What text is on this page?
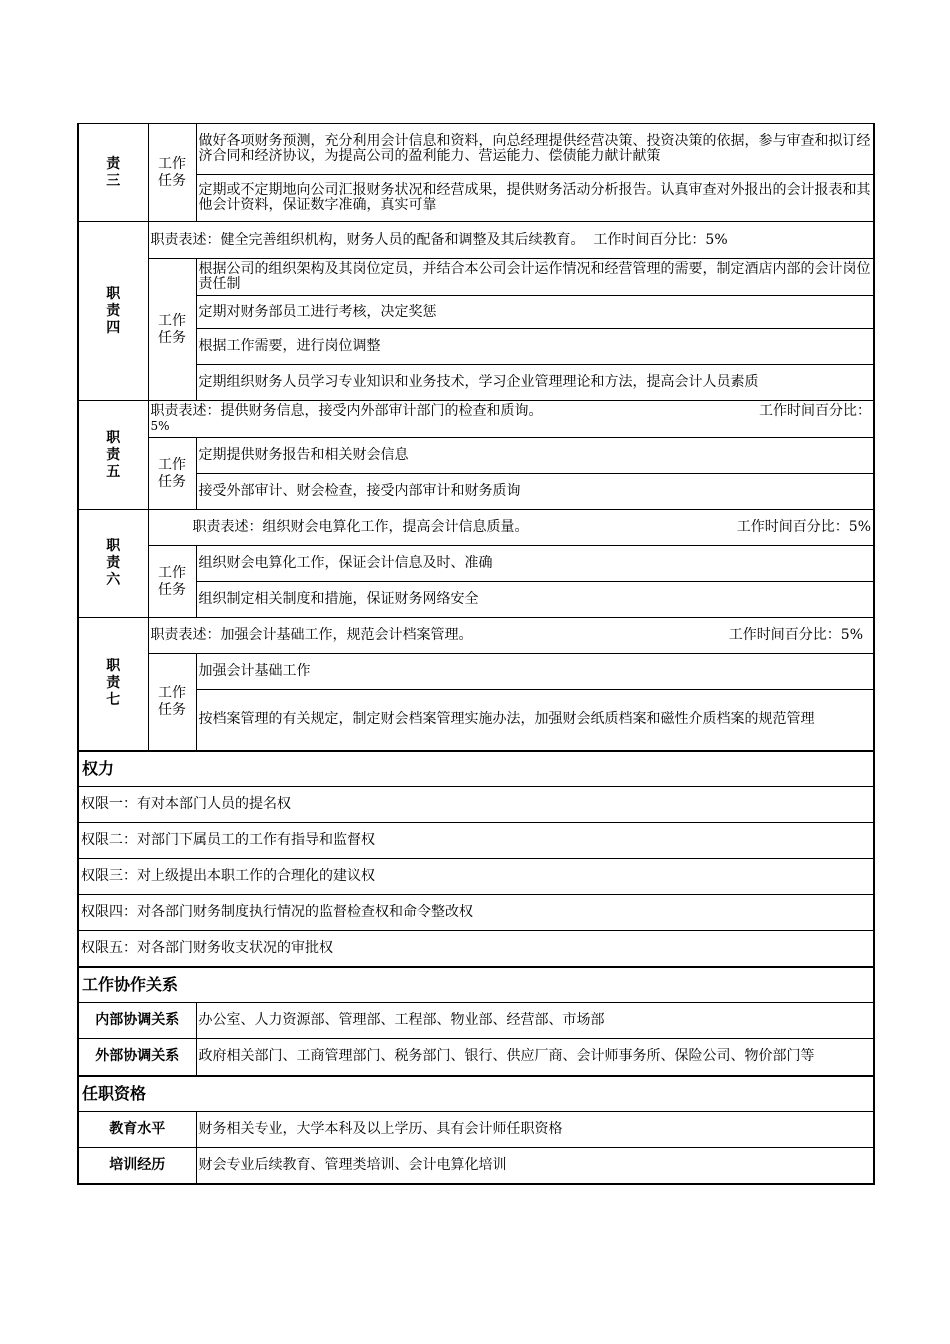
责三	工作任务	做好各项财务预测，充分利用会计信息和资料，向总经理提供经营决策、投资决策的依据，参与审查和拟订经济合同和经济协议，为提高公司的盈利能力、营运能力、偿债能力献计献策
		定期或不定期地向公司汇报财务状况和经营成果，提供财务活动分析报告。认真审查对外报出的会计报表和其他会计资料，保证数字准确，真实可靠

职责四	职责表述：健全完善组织机构，财务人员的配备和调整及其后续教育。 工作时间百分比：5%	

	工作任务	根据公司的组织架构及其岗位定员，并结合本公司会计运作情况和经营管理的需要，制定酒店内部的会计岗位责任制
		定期对财务部员工进行考核，决定奖惩
		根据工作需要，进行岗位调整
		定期组织财务人员学习专业知识和业务技术，学习企业管理理论和方法，提高会计人员素质

职责五	职责表述：提供财务信息，接受内外部审计部门的检查和质询。 工作时间百分比：

5%	

	工作任务	定期提供财务报告和相关财会信息
		接受外部审计、财会检查，接受内部审计和财务质询

职责六	职责表述：组织财会电算化工作，提高会计信息质量。 工作时间百分比：5%	

	工作任务	组织财会电算化工作，保证会计信息及时、准确
		组织制定相关制度和措施，保证财务网络安全

职责七	职责表述：加强会计基础工作，规范会计档案管理。 工作时间百分比：5%	

	工作任务	加强会计基础工作
		按档案管理的有关规定，制定财会档案管理实施办法，加强财会纸质档案和磁性介质档案的规范管理
权力		
权限一：有对本部门人员的提名权		
权限二：对部门下属员工的工作有指导和监督权		
权限三：对上级提出本职工作的合理化的建议权		
权限四：对各部门财务制度执行情况的监督检查权和命令整改权		
权限五：对各部门财务收支状况的审批权		
工作协作关系		
内部协调关系		办公室、人力资源部、管理部、工程部、物业部、经营部、市场部
外部协调关系		政府相关部门、工商管理部门、税务部门、银行、供应厂商、会计师事务所、保险公司、物价部门等
任职资格		
教育水平		财务相关专业，大学本科及以上学历、具有会计师任职资格
培训经历		财会专业后续教育、管理类培训、会计电算化培训
